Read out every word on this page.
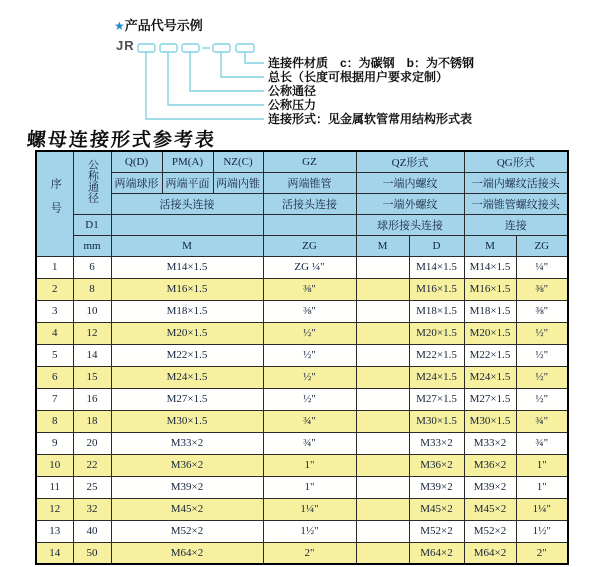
★产品代号示例
JR
连接件材质　c：为碳钢　b：为不锈钢
总长（长度可根据用户要求定制）
公称通径
公称压力
连接形式：见金属软管常用结构形式表
螺母连接形式参考表
序号	公称通径	Q(D)	PM(A)	NZ(C)	GZ	QZ形式		QG形式	
		两端球形	两端平面	两端内锥	两端锥管	一端内螺纹		一端内螺纹活接头	
		活接头连接			活接头连接	一端外螺纹		一端锥管螺纹接头	
	D1					球形接头连接		连接	
	mm	M			ZG	M	D	M	ZG
1	6	M14×1.5			ZG ¼"		M14×1.5	M14×1.5	¼"
2	8	M16×1.5			⅜"		M16×1.5	M16×1.5	⅜"
3	10	M18×1.5			⅜"		M18×1.5	M18×1.5	⅜"
4	12	M20×1.5			½"		M20×1.5	M20×1.5	½"
5	14	M22×1.5			½"		M22×1.5	M22×1.5	½"
6	15	M24×1.5			½"		M24×1.5	M24×1.5	½"
7	16	M27×1.5			½"		M27×1.5	M27×1.5	½"
8	18	M30×1.5			¾"		M30×1.5	M30×1.5	¾"
9	20	M33×2			¾"		M33×2	M33×2	¾"
10	22	M36×2			1"		M36×2	M36×2	1"
11	25	M39×2			1"		M39×2	M39×2	1"
12	32	M45×2			1¼"		M45×2	M45×2	1¼"
13	40	M52×2			1½"		M52×2	M52×2	1½"
14	50	M64×2			2"		M64×2	M64×2	2"
